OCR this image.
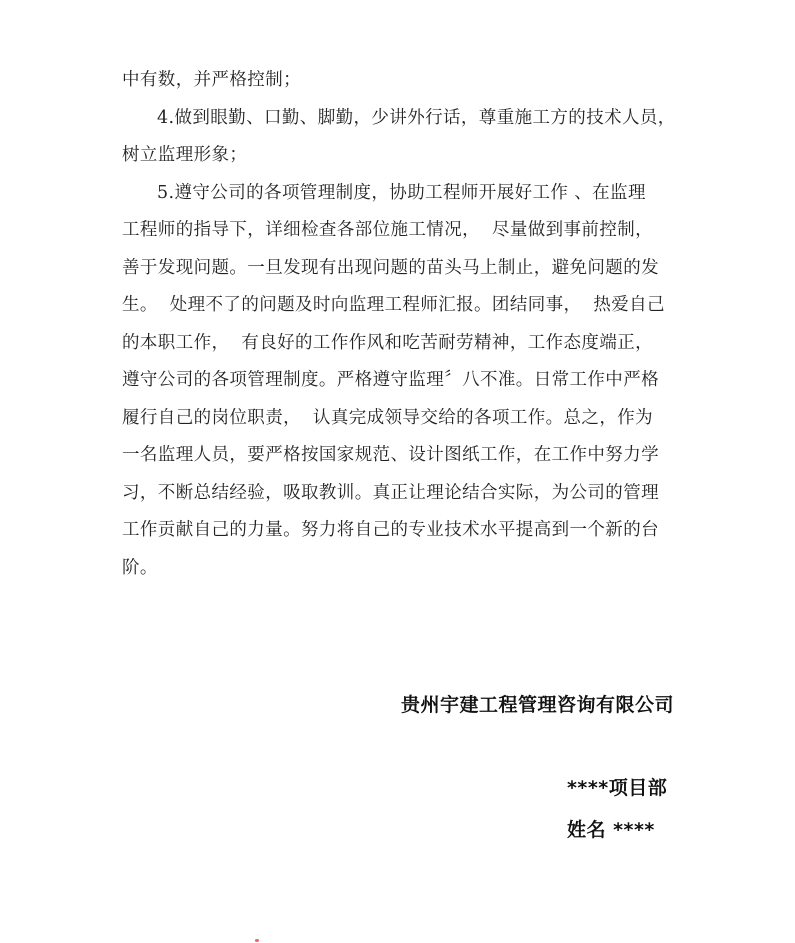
中有数，并严格控制；
4.做到眼勤、口勤、脚勤，少讲外行话，尊重施工方的技术人员，
树立监理形象；
5.遵守公司的各项管理制度，协助工程师开展好工作 、在监理
工程师的指导下，详细检查各部位施工情况，  尽量做到事前控制，
善于发现问题。一旦发现有出现问题的苗头马上制止，避免问题的发
生。  处理不了的问题及时向监理工程师汇报。团结同事，  热爱自己
的本职工作，  有良好的工作作风和吃苦耐劳精神，工作态度端正，
遵守公司的各项管理制度。严格遵守监理〞八不准。日常工作中严格
履行自己的岗位职责，  认真完成领导交给的各项工作。总之，作为
一名监理人员，要严格按国家规范、设计图纸工作，在工作中努力学
习，不断总结经验，吸取教训。真正让理论结合实际，为公司的管理
工作贡献自己的力量。努力将自己的专业技术水平提高到一个新的台
阶。
贵州宇建工程管理咨询有限公司
****项目部
姓名 ****
